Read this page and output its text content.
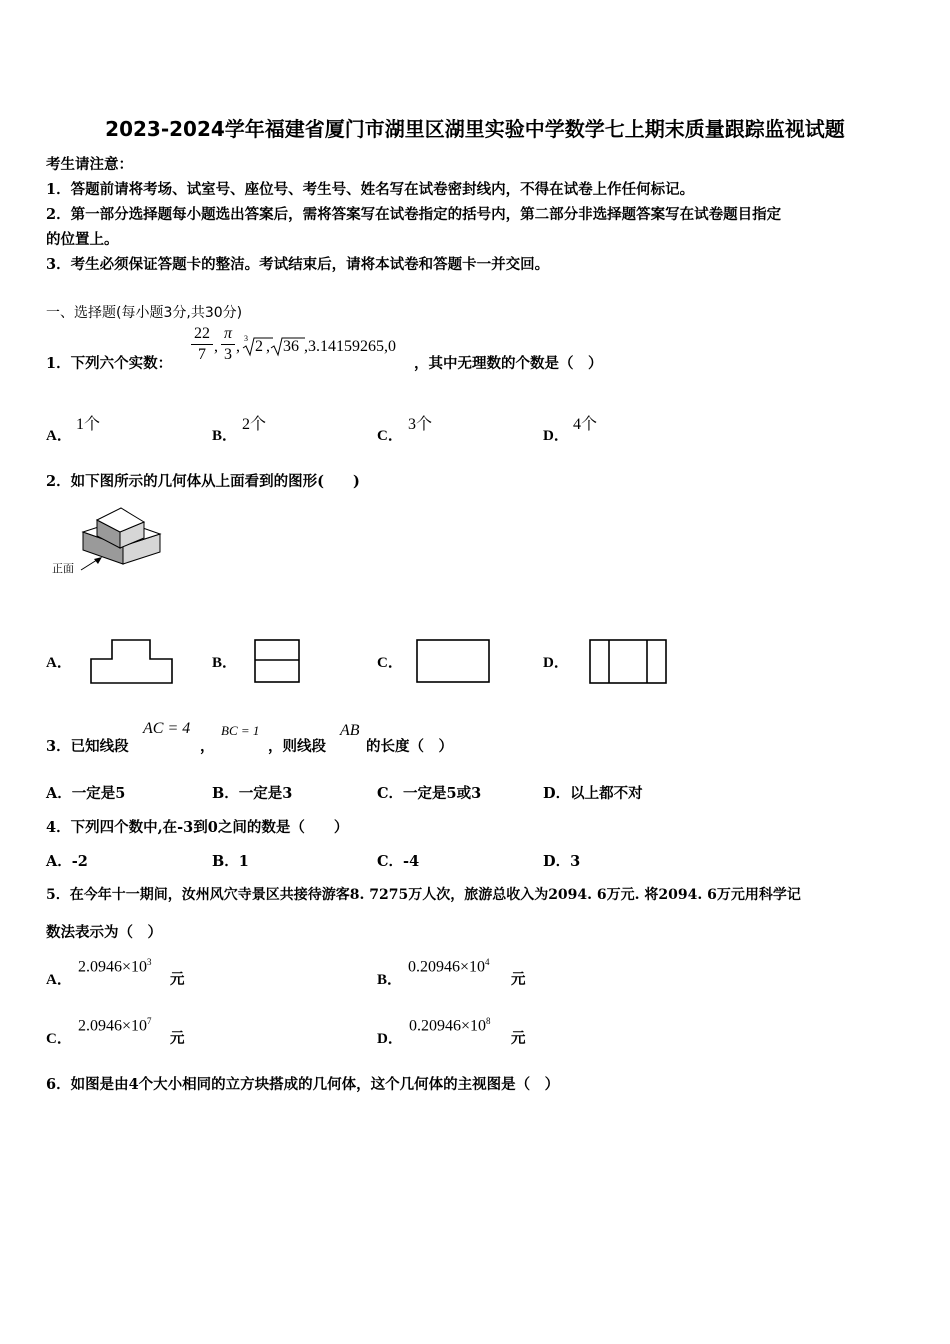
2023-2024学年福建省厦门市湖里区湖里实验中学数学七上期末质量跟踪监视试题
考生请注意：
1．答题前请将考场、试室号、座位号、考生号、姓名写在试卷密封线内，不得在试卷上作任何标记。
2．第一部分选择题每小题选出答案后，需将答案写在试卷指定的括号内，第二部分非选择题答案写在试卷题目指定
的位置上。
3．考生必须保证答题卡的整洁。考试结束后，请将本试卷和答题卡一并交回。
一、选择题(每小题3分,共30分)
1．下列六个实数：
22
7 ,
π
3 , 3 2 , 36 ,3.14159265,0
，其中无理数的个数是（　）
A．
1个
B．
2个
C．
3个
D．
4个
2．如下图所示的几何体从上面看到的图形(　　)
正面
A．	B．	C．	D．
3．已知线段
AC = 4
，
BC = 1
，则线段
AB
的长度（　）
A．一定是5	B．一定是3	C．一定是5或3	D．以上都不对
4．下列四个数中,在-3到0之间的数是（　　）
A．-2	B．1	C．-4	D．3
5．在今年十一期间，汝州风穴寺景区共接待游客8. 7275万人次，旅游总收入为2094. 6万元. 将2094. 6万元用科学记
数法表示为（　）
A．
$2.0946\times 10^3$
元	B．
$0.20946\times 10^4$
元
C．
$2.0946\times 10^7$
元	D．
$0.20946\times 10^8$
元
6．如图是由4个大小相同的立方块搭成的几何体，这个几何体的主视图是（　）
